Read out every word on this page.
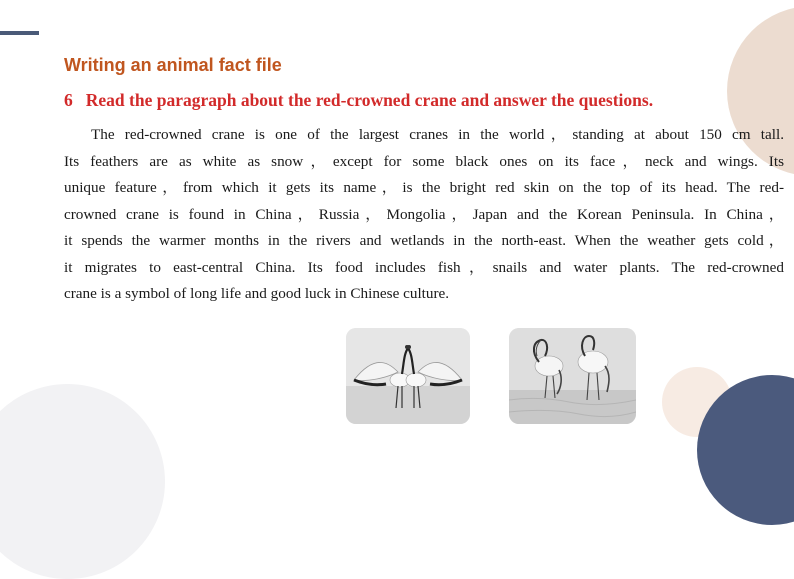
Writing an animal fact file
6 Read the paragraph about the red-crowned crane and answer the questions.
The red-crowned crane is one of the largest cranes in the world，standing at about 150 cm tall.
Its feathers are as white as snow，except for some black ones on its face，neck and wings. Its
unique feature，from which it gets its name，is the bright red skin on the top of its head. The red-
crowned crane is found in China，Russia，Mongolia，Japan and the Korean Peninsula. In China，
it spends the warmer months in the rivers and wetlands in the north-east. When the weather gets cold，
it migrates to east-central China. Its food includes fish，snails and water plants. The red-crowned
crane is a symbol of long life and good luck in Chinese culture.
